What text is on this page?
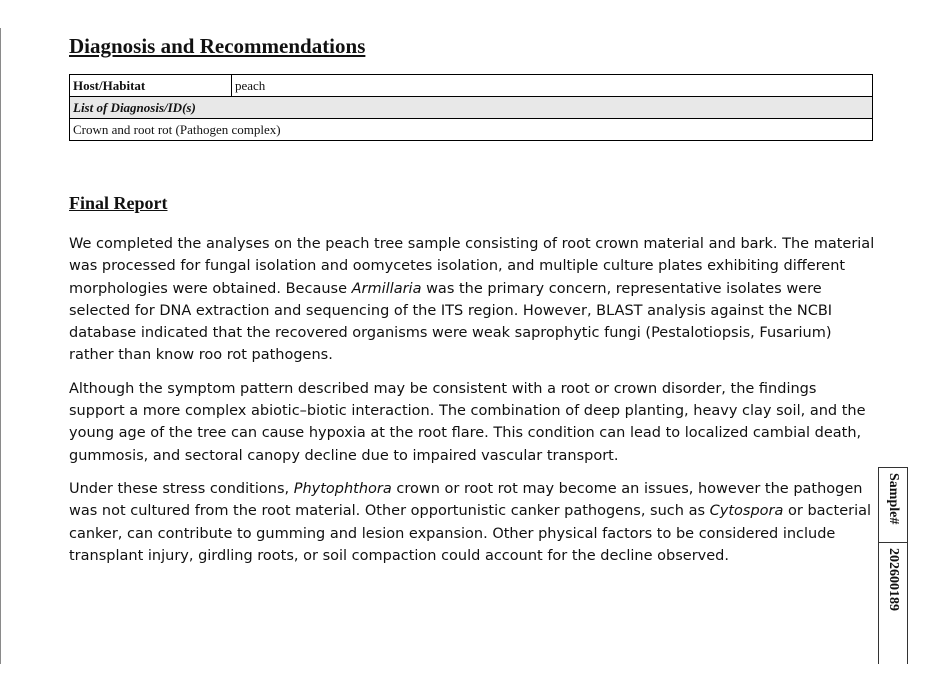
Diagnosis and Recommendations
Host/Habitat	peach
List of Diagnosis/ID(s)
Crown and root rot (Pathogen complex)
Final Report

We completed the analyses on the peach tree sample consisting of root crown material and bark. The material was processed for fungal isolation and oomycetes isolation, and multiple culture plates exhibiting different morphologies were obtained. Because Armillaria was the primary concern, representative isolates were selected for DNA extraction and sequencing of the ITS region. However, BLAST analysis against the NCBI database indicated that the recovered organisms were weak saprophytic fungi (Pestalotiopsis, Fusarium) rather than know roo rot pathogens.

Although the symptom pattern described may be consistent with a root or crown disorder, the findings support a more complex abiotic–biotic interaction. The combination of deep planting, heavy clay soil, and the young age of the tree can cause hypoxia at the root flare. This condition can lead to localized cambial death, gummosis, and sectoral canopy decline due to impaired vascular transport.

Under these stress conditions, Phytophthora crown or root rot may become an issues, however the pathogen was not cultured from the root material. Other opportunistic canker pathogens, such as Cytospora or bacterial canker, can contribute to gumming and lesion expansion. Other physical factors to be considered include transplant injury, girdling roots, or soil compaction could account for the decline observed.

Sample#
202600189
